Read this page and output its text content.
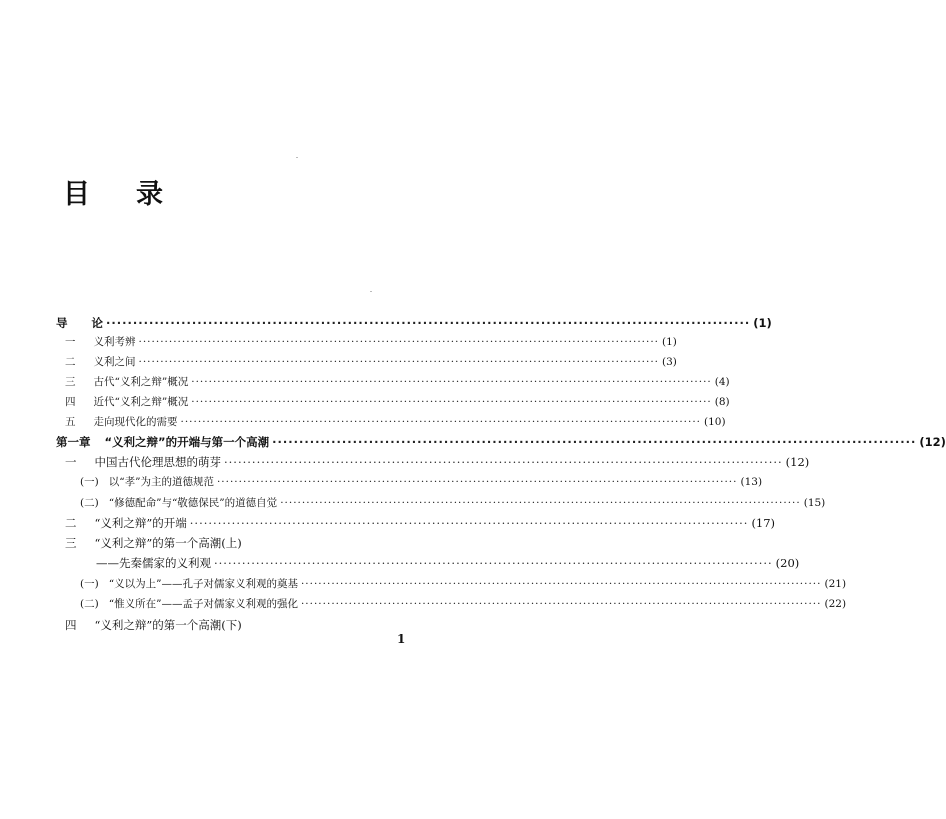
目 录
导 论 ························································································································ (1)
一 义利考辨 ························································································································ (1)
二 义利之间 ························································································································ (3)
三 古代“义利之辩”概况 ························································································································ (4)
四 近代“义利之辩”概况 ························································································································ (8)
五 走向现代化的需要 ························································································································ (10)
第一章 “义利之辩”的开端与第一个高潮 ························································································································ (12)
一 中国古代伦理思想的萌芽 ························································································································ (12)
(一) 以“孝”为主的道德规范 ························································································································ (13)
(二) “修德配命”与“敬德保民”的道德自觉 ························································································································ (15)
二 “义利之辩”的开端 ························································································································ (17)
三 “义利之辩”的第一个高潮(上)
——先秦儒家的义利观 ························································································································ (20)
(一) “义以为上”——孔子对儒家义利观的奠基 ························································································································ (21)
(二) “惟义所在”——孟子对儒家义利观的强化 ························································································································ (22)
四 “义利之辩”的第一个高潮(下)
1
